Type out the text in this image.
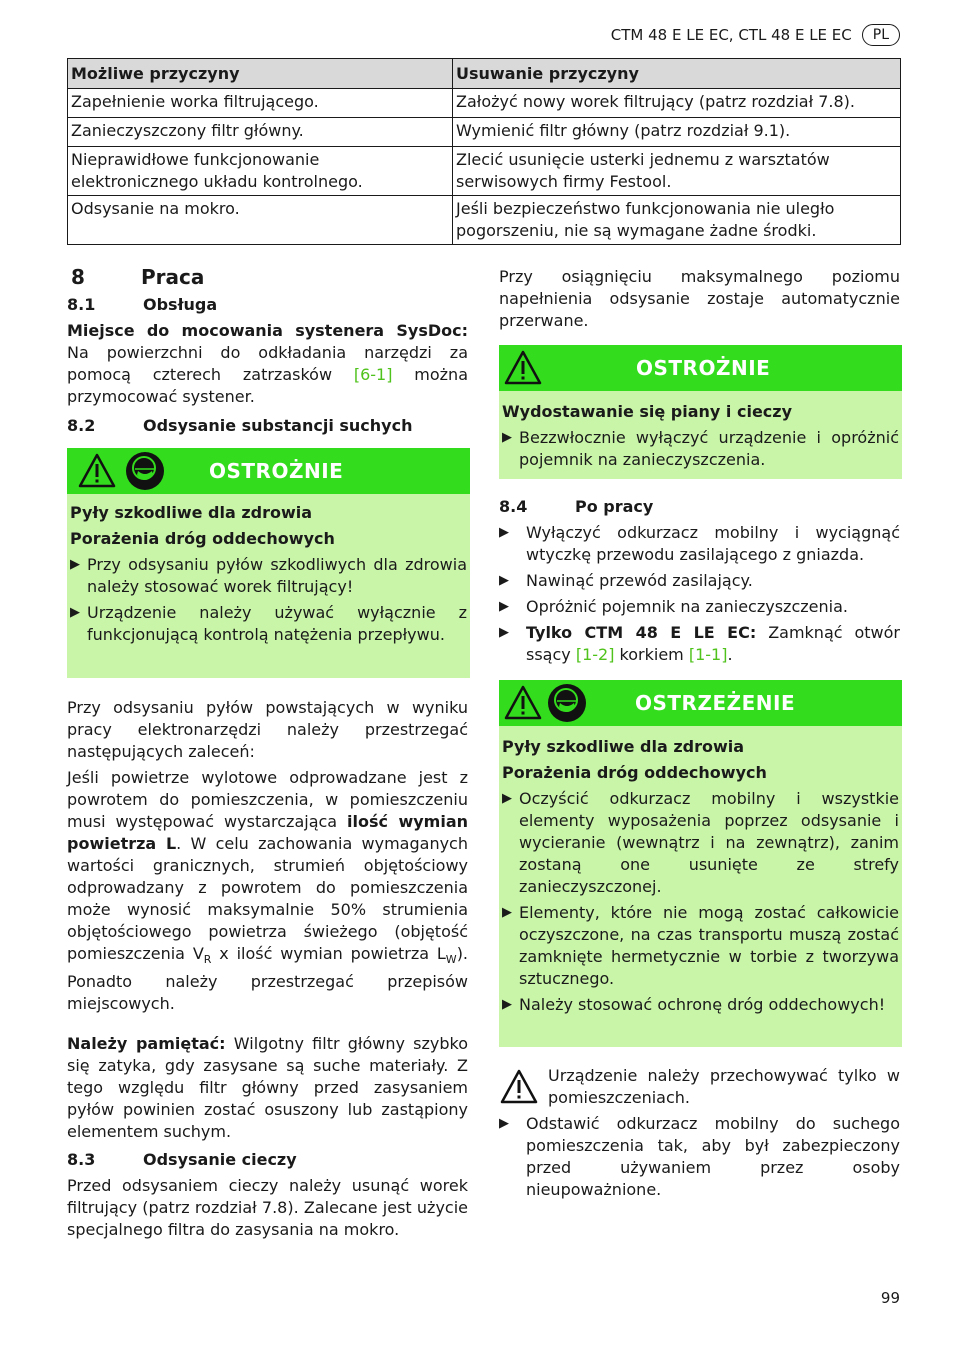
CTM 48 E LE EC, CTL 48 E LE EC	PL
Możliwe przyczyny	Usuwanie przyczyny
Zapełnienie worka filtrującego.	Założyć nowy worek filtrujący (patrz rozdział 7.8).
Zanieczyszczony filtr główny.	Wymienić filtr główny (patrz rozdział 9.1).
Nieprawidłowe funkcjonowanie elektronicznego układu kontrolnego.	Zlecić usunięcie usterki jednemu z warsztatów serwisowych firmy Festool.
Odsysanie na mokro.	Jeśli bezpieczeństwo funkcjonowania nie uległo pogorszeniu, nie są wymagane żadne środki.
8	Praca
8.1	Obsługa

Miejsce do mocowania systenera SysDoc: Na powierzchni do odkładania narzędzi za pomocą czterech zatrzasków [6-1] można przymocować systener.

8.2	Odsysanie substancji suchych
OSTROŻNIE

Pyły szkodliwe dla zdrowia

Porażenia dróg oddechowych

▶ Przy odsysaniu pyłów szkodliwych dla zdrowia należy stosować worek filtrujący!
▶ Urządzenie należy używać wyłącznie z funkcjonującą kontrolą natężenia przepływu.

Przy odsysaniu pyłów powstających w wyniku pracy elektronarzędzi należy przestrzegać następujących zaleceń:

Jeśli powietrze wylotowe odprowadzane jest z powrotem do pomieszczenia, w pomieszczeniu musi występować wystarczająca ilość wymian powietrza L. W celu zachowania wymaganych wartości granicznych, strumień objętościowy odprowadzany z powrotem do pomieszczenia może wynosić maksymalnie 50% strumienia objętościowego powietrza świeżego (objętość pomieszczenia $V_R$ x ilość wymian powietrza $L_W$). Ponadto należy przestrzegać przepisów miejscowych.

Należy pamiętać: Wilgotny filtr główny szybko się zatyka, gdy zasysane są suche materiały. Z tego względu filtr główny przed zasysaniem pyłów powinien zostać osuszony lub zastąpiony elementem suchym.

8.3	Odsysanie cieczy

Przed odsysaniem cieczy należy usunąć worek filtrujący (patrz rozdział 7.8). Zalecane jest użycie specjalnego filtra do zasysania na mokro.

Przy osiągnięciu maksymalnego poziomu napełnienia odsysanie zostaje automatycznie przerwane.

OSTROŻNIE

Wydostawanie się piany i cieczy

▶ Bezzwłocznie wyłączyć urządzenie i opróżnić pojemnik na zanieczyszczenia.
8.4	Po pracy
▶	Wyłączyć odkurzacz mobilny i wyciągnąć wtyczkę przewodu zasilającego z gniazda.
▶	Nawinąć przewód zasilający.
▶	Opróżnić pojemnik na zanieczyszczenia.
▶	Tylko CTM 48 E LE EC: Zamknąć otwór ssący [1-2] korkiem [1-1].
OSTRZEŻENIE

Pyły szkodliwe dla zdrowia

Porażenia dróg oddechowych

▶ Oczyścić odkurzacz mobilny i wszystkie elementy wyposażenia poprzez odsysanie i wycieranie (wewnątrz i na zewnątrz), zanim zostaną one usunięte ze strefy zanieczyszczonej.
▶ Elementy, które nie mogą zostać całkowicie oczyszczone, na czas transportu muszą zostać zamknięte hermetycznie w torbie z tworzywa sztucznego.
▶ Należy stosować ochronę dróg oddechowych!

Urządzenie należy przechowywać tylko w pomieszczeniach.

▶	Odstawić odkurzacz mobilny do suchego pomieszczenia tak, aby był zabezpieczony przed używaniem przez osoby nieupoważnione.
99
